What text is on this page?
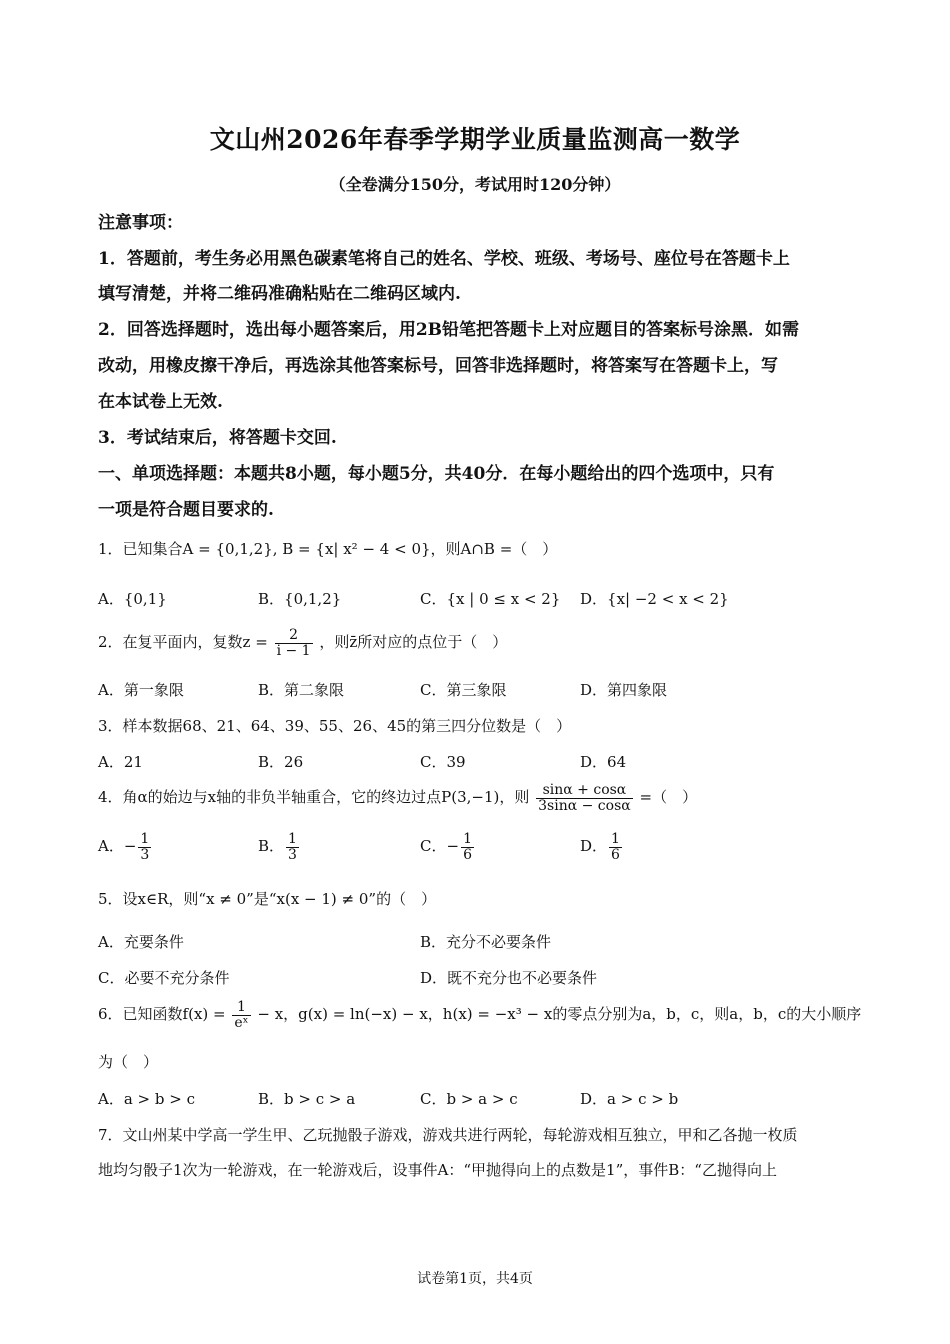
文山州2026年春季学期学业质量监测高一数学
（全卷满分150分，考试用时120分钟）
注意事项：
1．答题前，考生务必用黑色碳素笔将自己的姓名、学校、班级、考场号、座位号在答题卡上
填写清楚，并将二维码准确粘贴在二维码区域内.
2．回答选择题时，选出每小题答案后，用2B铅笔把答题卡上对应题目的答案标号涂黑．如需
改动，用橡皮擦干净后，再选涂其他答案标号，回答非选择题时，将答案写在答题卡上，写
在本试卷上无效.
3．考试结束后，将答题卡交回.
一、单项选择题：本题共8小题，每小题5分，共40分．在每小题给出的四个选项中，只有
一项是符合题目要求的.
1．已知集合A = {0,1,2}, B = {x| x² − 4 < 0}，则A∩B =（　）
A．{0,1}	B．{0,1,2}	C．{x | 0 ≤ x < 2} D．{x| −2 < x < 2}
2．在复平面内，复数$z = \frac{2}{i - 1}$ ，则z̄所对应的点位于（　）
A．第一象限	B．第二象限	C．第三象限	D．第四象限
3．样本数据68、21、64、39、55、26、45的第三四分位数是（　）
A．21	B．26	C．39	D．64
4．角α的始边与x轴的非负半轴重合，它的终边过点P(3,−1)，则 $\frac{\sin\alpha + \cos\alpha}{3\sin\alpha - \cos\alpha}$ =（　）
A．− $\frac{1}{3}$	B． $\frac{1}{3}$	C．− $\frac{1}{6}$	D． $\frac{1}{6}$
5．设x∈R，则“x ≠ 0”是“x(x − 1) ≠ 0”的（　）
A．充要条件	B．充分不必要条件
C．必要不充分条件	D．既不充分也不必要条件
6．已知函数$f(x) = \frac{1}{\text{eˣ}} - x$，g(x) = ln(−x) − x，h(x) = −x³ − x的零点分别为a，b，c，则a，b，c的大小顺序
为（　）
A．a > b > c	B．b > c > a	C．b > a > c	D．a > c > b
7．文山州某中学高一学生甲、乙玩抛骰子游戏，游戏共进行两轮，每轮游戏相互独立，甲和乙各抛一枚质
地均匀骰子1次为一轮游戏，在一轮游戏后，设事件A：“甲抛得向上的点数是1”，事件B：“乙抛得向上
试卷第1页，共4页
